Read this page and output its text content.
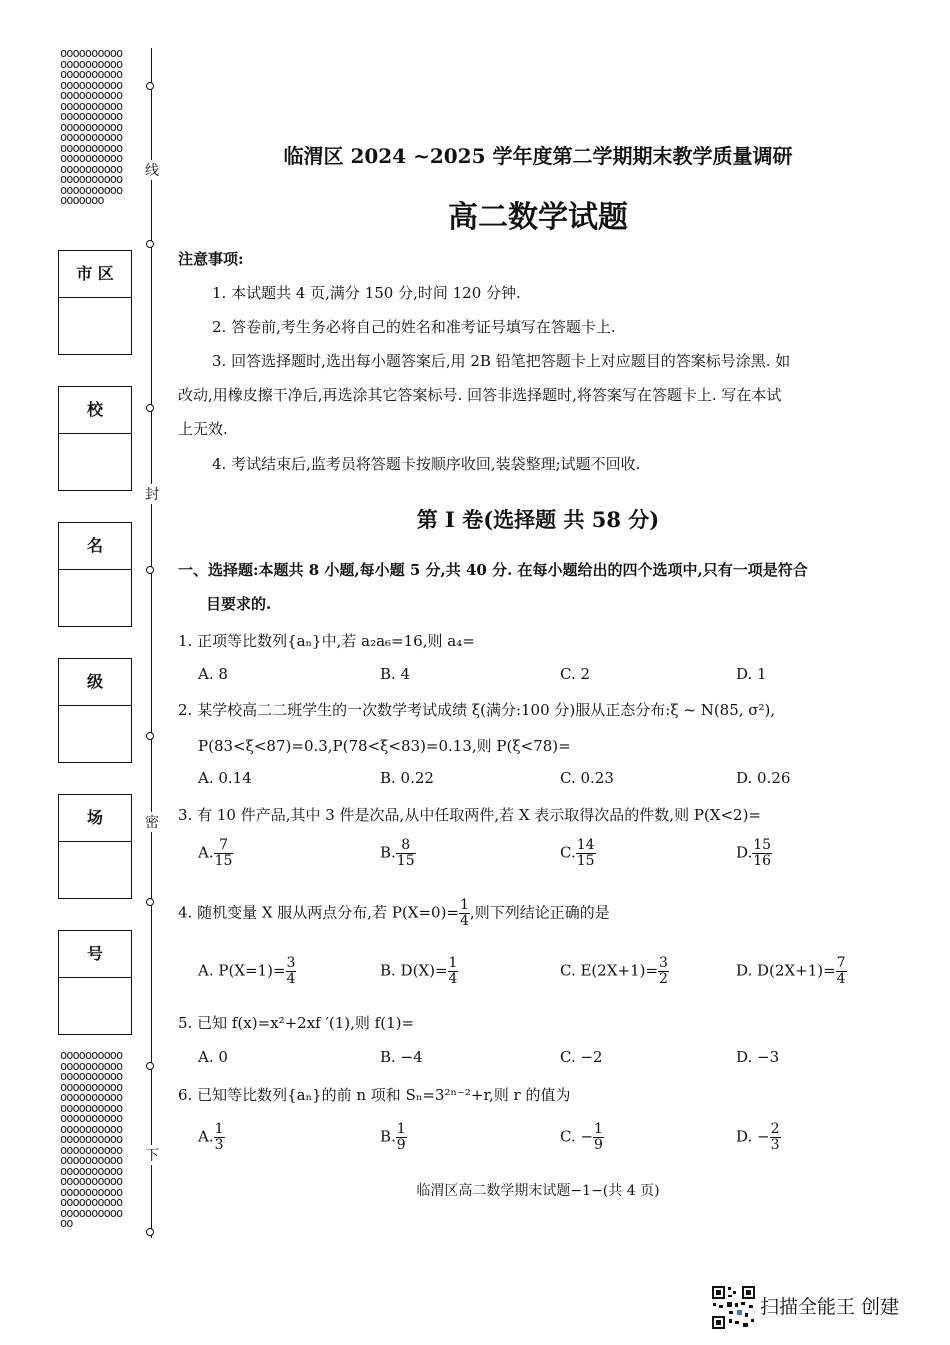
ooooooooooooooooooooooooooooooooooooooooooooooooooooooooooooooooooooooooooooooooooooooooooooooooooooooooooooooooooooooooooooooooooooooooooooooooooo
oooooooooooooooooooooooooooooooooooooooooooooooooooooooooooooooooooooooooooooooooooooooooooooooooooooooooooooooooooooooooooooooooooooooooooooooooooooooooooooooooo
线
封
密
下
市 区
校
名
级
场
号
临渭区 2024 ~2025 学年度第二学期期末教学质量调研
高二数学试题
注意事项:
1. 本试题共 4 页,满分 150 分,时间 120 分钟.
2. 答卷前,考生务必将自己的姓名和准考证号填写在答题卡上.
3. 回答选择题时,选出每小题答案后,用 2B 铅笔把答题卡上对应题目的答案标号涂黑. 如
改动,用橡皮擦干净后,再选涂其它答案标号. 回答非选择题时,将答案写在答题卡上. 写在本试
上无效.
4. 考试结束后,监考员将答题卡按顺序收回,装袋整理;试题不回收.
第 Ⅰ 卷(选择题 共 58 分)
一、选择题:本题共 8 小题,每小题 5 分,共 40 分. 在每小题给出的四个选项中,只有一项是符合
目要求的.
1. 正项等比数列{aₙ}中,若 a₂a₆=16,则 a₄=
A. 8	B. 4	C. 2	D. 1
2. 某学校高二二班学生的一次数学考试成绩 ξ(满分:100 分)服从正态分布:ξ ~ N(85, σ²),
P(83<ξ<87)=0.3,P(78<ξ<83)=0.13,则 P(ξ<78)=
A. 0.14	B. 0.22	C. 0.23	D. 0.26
3. 有 10 件产品,其中 3 件是次品,从中任取两件,若 X 表示取得次品的件数,则 P(X<2)=
A. $\frac{7}{15}$	B. $\frac{8}{15}$	C. $\frac{14}{15}$	D. $\frac{15}{16}$
4. 随机变量 X 服从两点分布,若 $P(X=0)= \frac{1}{4}$ ,则下列结论正确的是
A. $P(X=1)= \frac{3}{4}$	B. $D(X)= \frac{1}{4}$	C. $E(2X+1)= \frac{3}{2}$	D. $D(2X+1)= \frac{7}{4}$
5. 已知 f(x)=x²+2xf ′(1),则 f(1)=
A. 0	B. −4	C. −2	D. −3
6. 已知等比数列{aₙ}的前 n 项和 Sₙ=3²ⁿ⁻²+r,则 r 的值为
A. $\frac{1}{3}$	B. $\frac{1}{9}$	C. − $\frac{1}{9}$	D. − $\frac{2}{3}$
临渭区高二数学期末试题−1−(共 4 页)
扫描全能王 创建
